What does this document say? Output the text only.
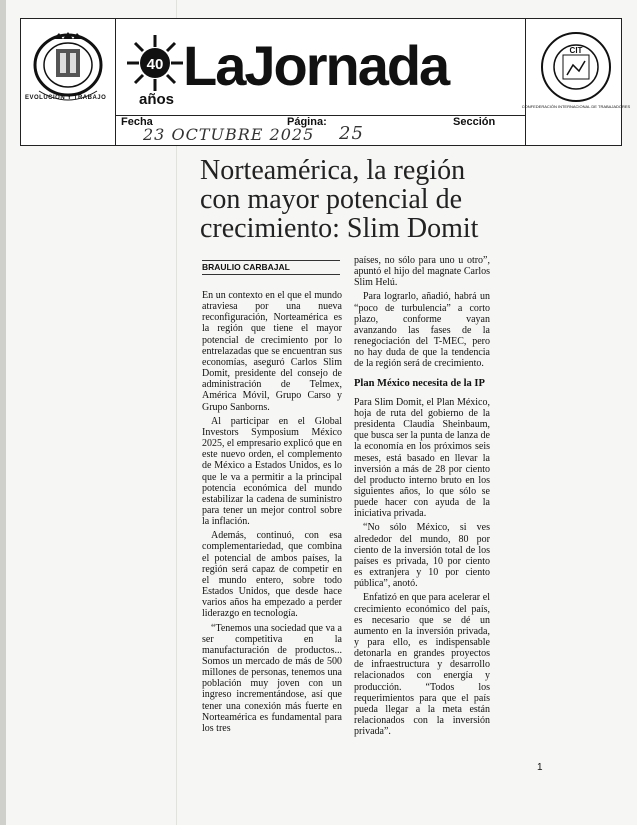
EVOLUCIÓN Y TRABAJO
40
años
LaJornada	CIT
CONFEDERACIÓN INTERNACIONAL DE TRABAJADORES
Fecha
23 OCTUBRE 2025
Página:
25
Sección
Norteamérica, la región con mayor potencial de crecimiento: Slim Domit
BRAULIO CARBAJAL

En un contexto en el que el mundo atraviesa por una nueva reconfiguración, Norteamérica es la región que tiene el mayor potencial de crecimiento por lo entrelazadas que se encuentran sus economías, aseguró Carlos Slim Domit, presidente del consejo de administración de Telmex, América Móvil, Grupo Carso y Grupo Sanborns.

Al participar en el Global Investors Symposium México 2025, el empresario explicó que en este nuevo orden, el complemento de México a Estados Unidos, es lo que le va a permitir a la principal potencia económica del mundo estabilizar la cadena de suministro para tener un mejor control sobre la inflación.

Además, continuó, con esa complementariedad, que combina el potencial de ambos países, la región será capaz de competir en el mundo entero, sobre todo Estados Unidos, que desde hace varios años ha empezado a perder liderazgo en tecnología.

“Tenemos una sociedad que va a ser competitiva en la manufacturación de productos... Somos un mercado de más de 500 millones de personas, tenemos una población muy joven con un ingreso incrementándose, así que tener una conexión más fuerte en Norteamérica es fundamental para los tres

países, no sólo para uno u otro”, apuntó el hijo del magnate Carlos Slim Helú.

Para lograrlo, añadió, habrá un “poco de turbulencia” a corto plazo, conforme vayan avanzando las fases de la renegociación del T-MEC, pero no hay duda de que la tendencia de la región será de crecimiento.

Plan México necesita de la IP

Para Slim Domit, el Plan México, hoja de ruta del gobierno de la presidenta Claudia Sheinbaum, que busca ser la punta de lanza de la economía en los próximos seis meses, está basado en llevar la inversión a más de 28 por ciento del producto interno bruto en los siguientes años, lo que sólo se puede hacer con ayuda de la iniciativa privada.

“No sólo México, si ves alrededor del mundo, 80 por ciento de la inversión total de los países es privada, 10 por ciento es extranjera y 10 por ciento pública”, anotó.

Enfatizó en que para acelerar el crecimiento económico del país, es necesario que se dé un aumento en la inversión privada, y para ello, es indispensable detonarla en grandes proyectos de infraestructura y desarrollo relacionados con energía y producción. “Todos los requerimientos para que el país pueda llegar a la meta están relacionados con la inversión privada”.

1
